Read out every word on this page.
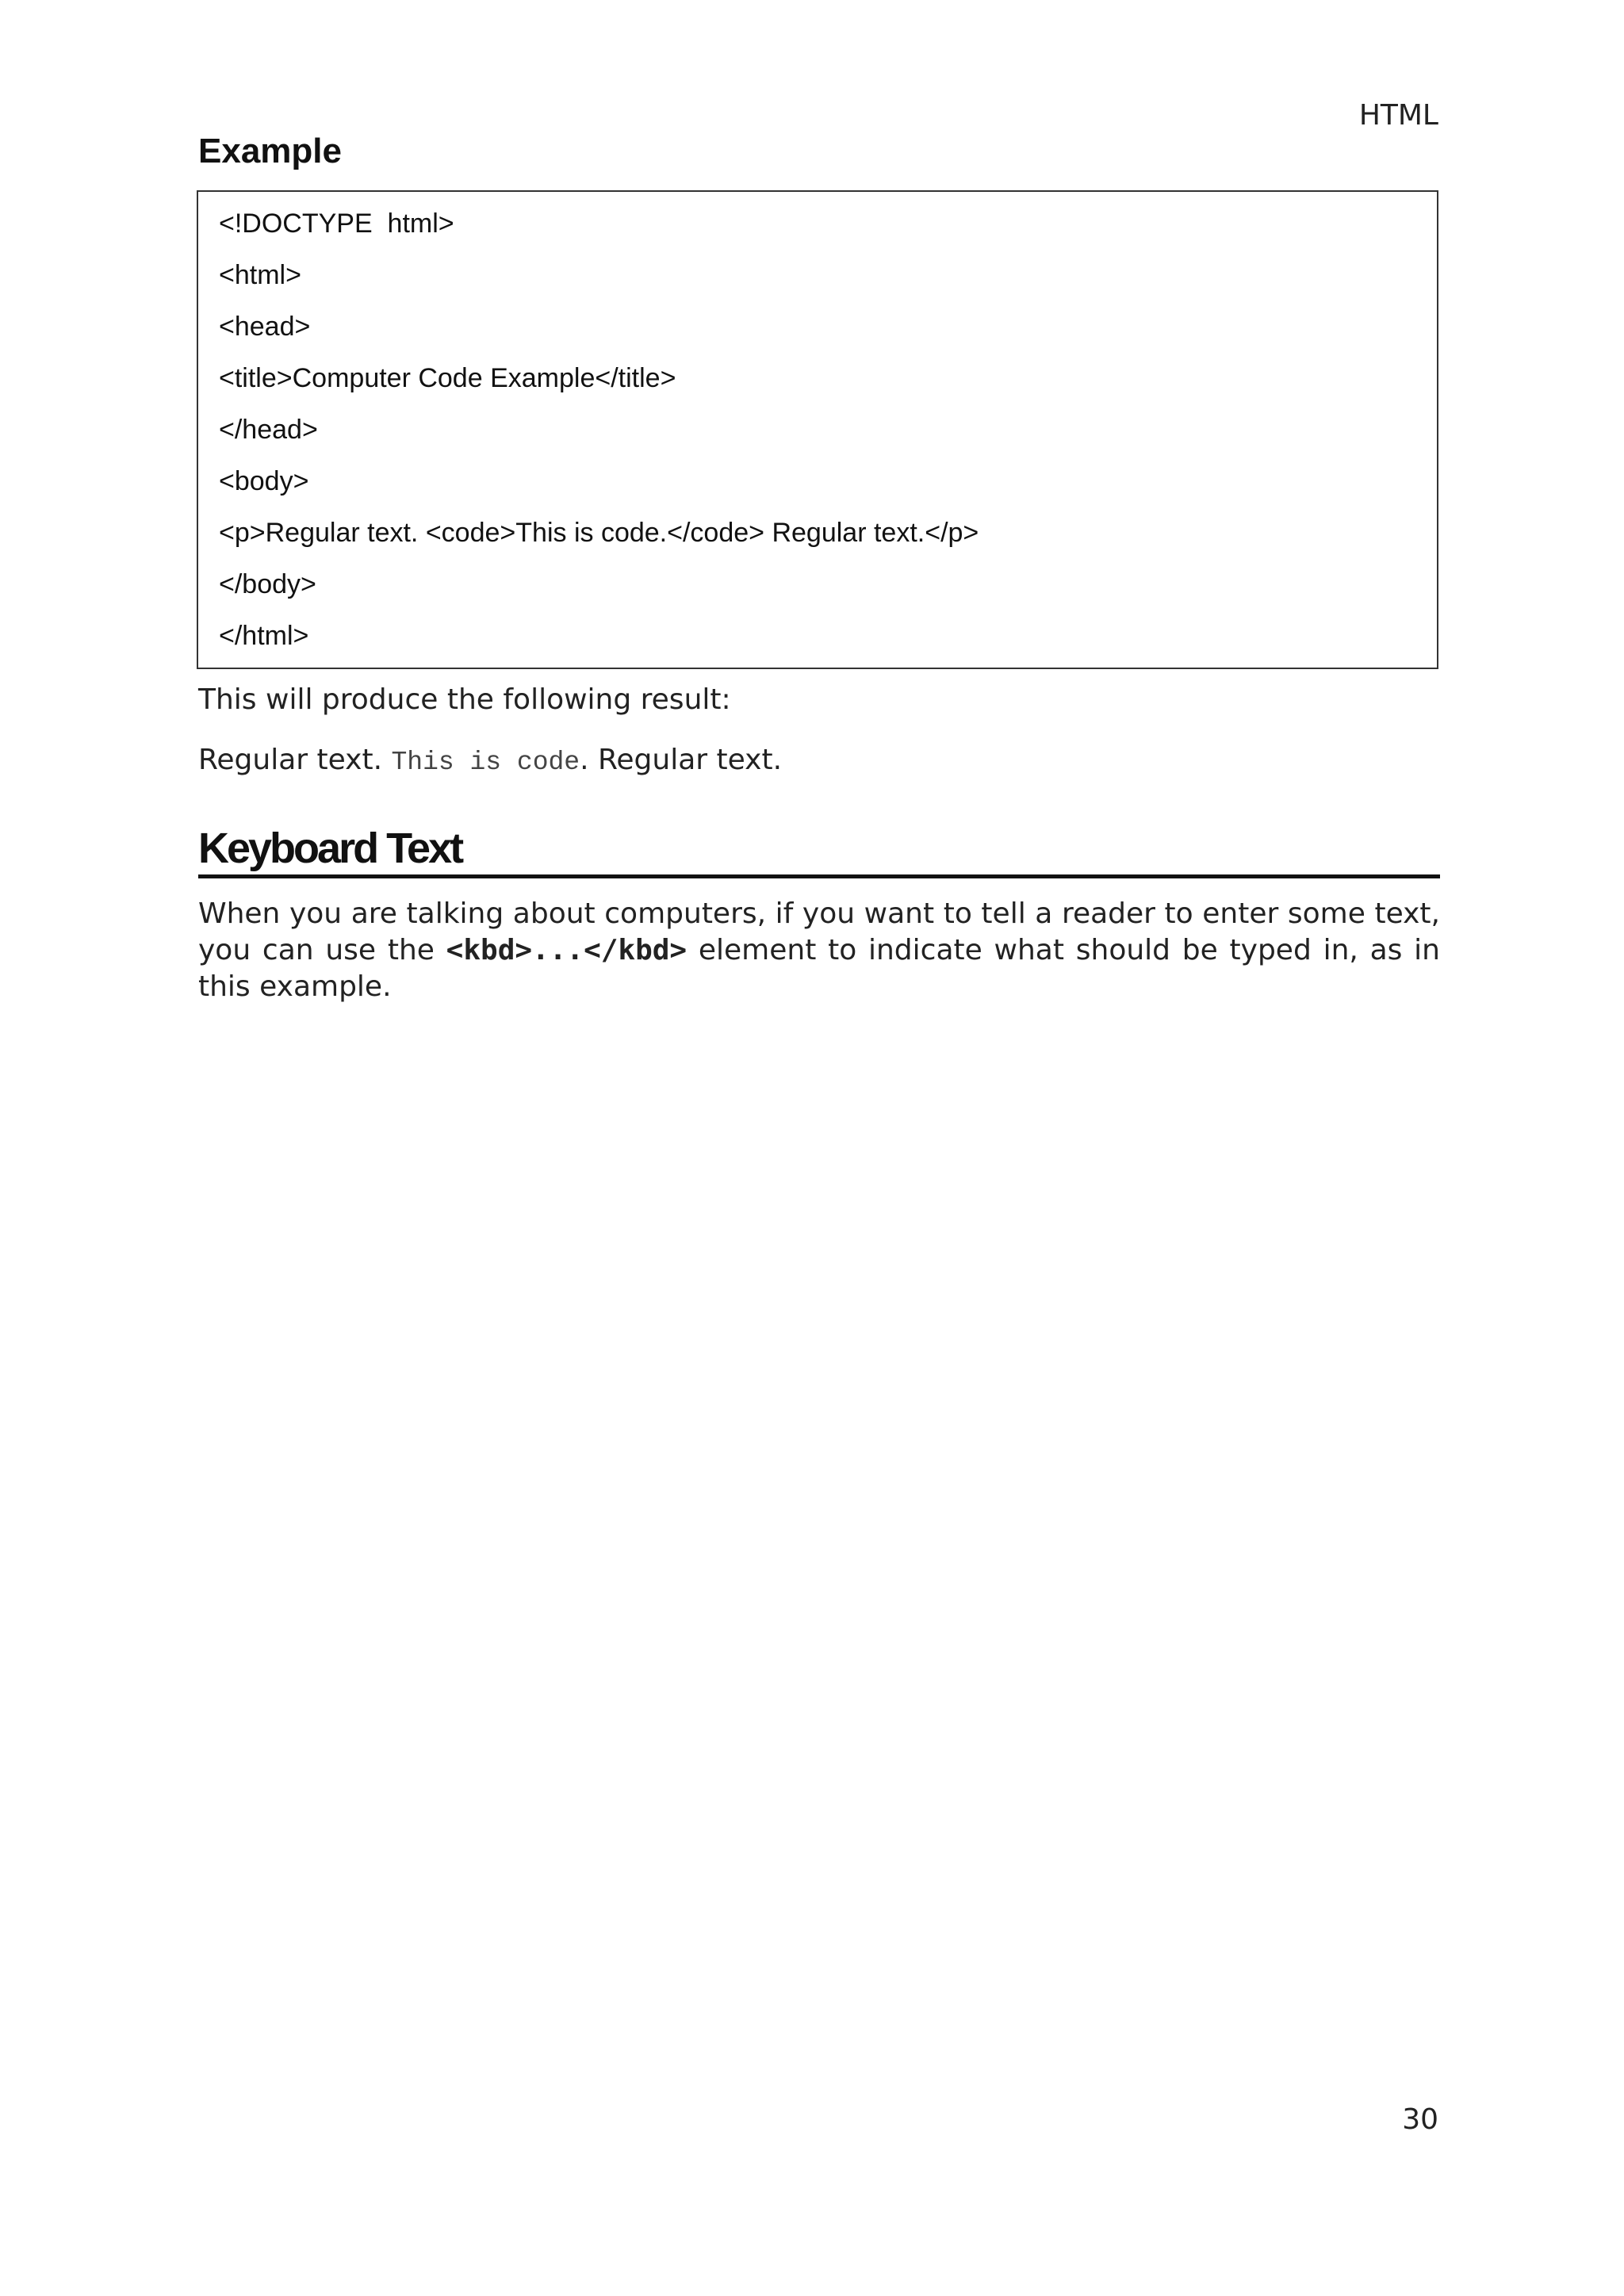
HTML
Example
<!DOCTYPE  html>
<html>
<head>
<title>Computer Code Example</title>
</head>
<body>
<p>Regular text. <code>This is code.</code> Regular text.</p>
</body>
</html>
This will produce the following result:
Regular text. This is code. Regular text.
Keyboard Text

When you are talking about computers, if you want to tell a reader to enter some text, you can use the <kbd>...</kbd> element to indicate what should be typed in, as in this example.

30
